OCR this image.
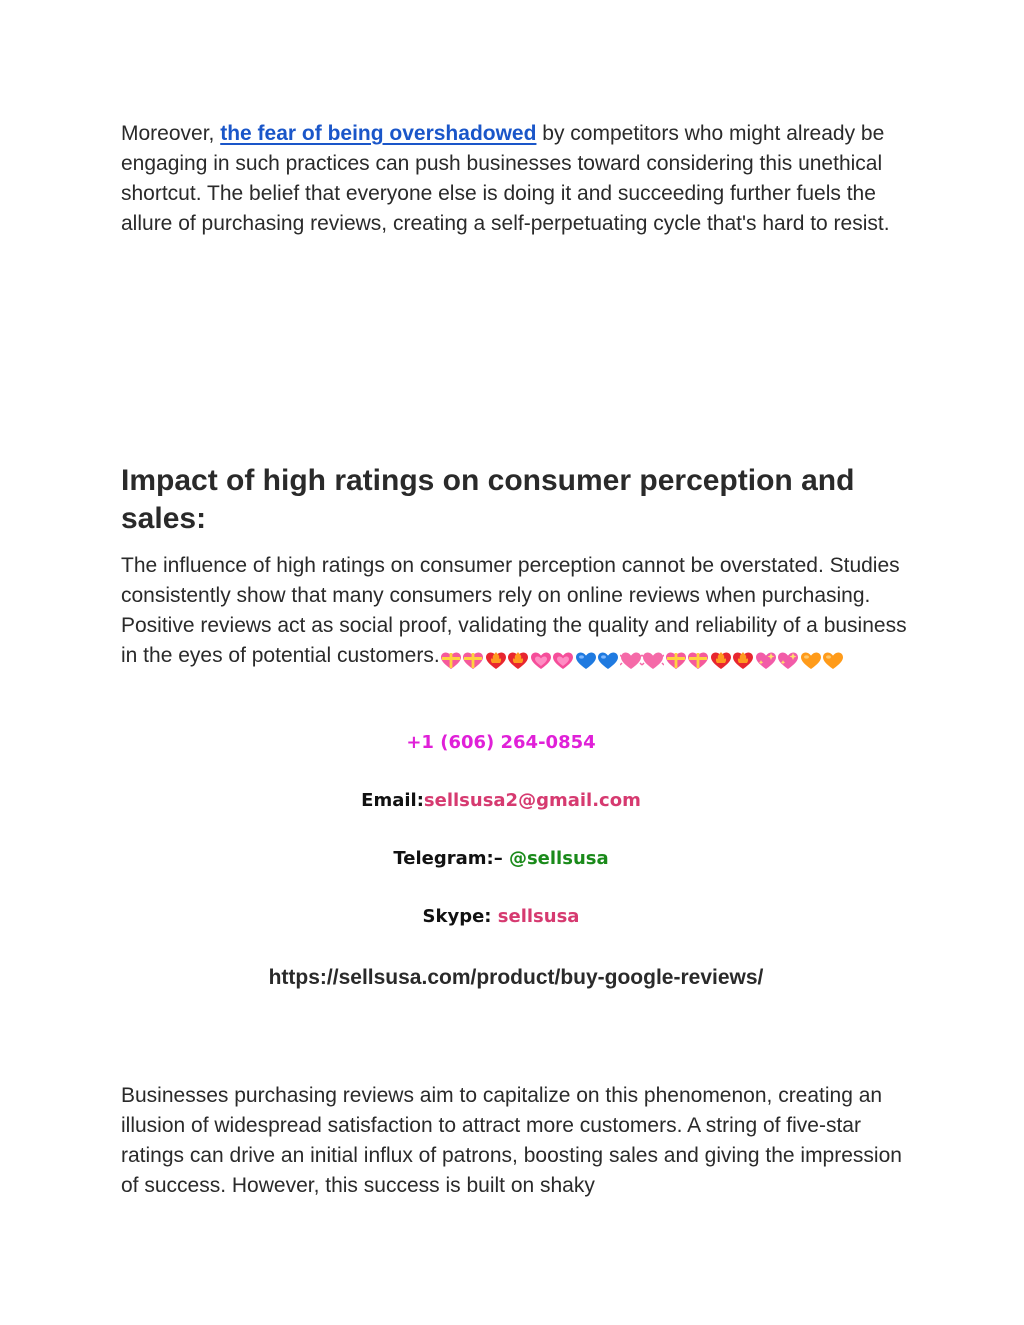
Moreover, the fear of being overshadowed by competitors who might already be engaging in such practices can push businesses toward considering this unethical shortcut. The belief that everyone else is doing it and succeeding further fuels the allure of purchasing reviews, creating a self-perpetuating cycle that's hard to resist.

Impact of high ratings on consumer perception and sales:

The influence of high ratings on consumer perception cannot be overstated. Studies consistently show that many consumers rely on online reviews when purchasing. Positive reviews act as social proof, validating the quality and reliability of a business in the eyes of potential customers.

+1 (606) 264-0854
Email:sellsusa2@gmail.com
Telegram:– @sellsusa
Skype: sellsusa
https://sellsusa.com/product/buy-google-reviews/

Businesses purchasing reviews aim to capitalize on this phenomenon, creating an illusion of widespread satisfaction to attract more customers. A string of five-star ratings can drive an initial influx of patrons, boosting sales and giving the impression of success. However, this success is built on shaky
